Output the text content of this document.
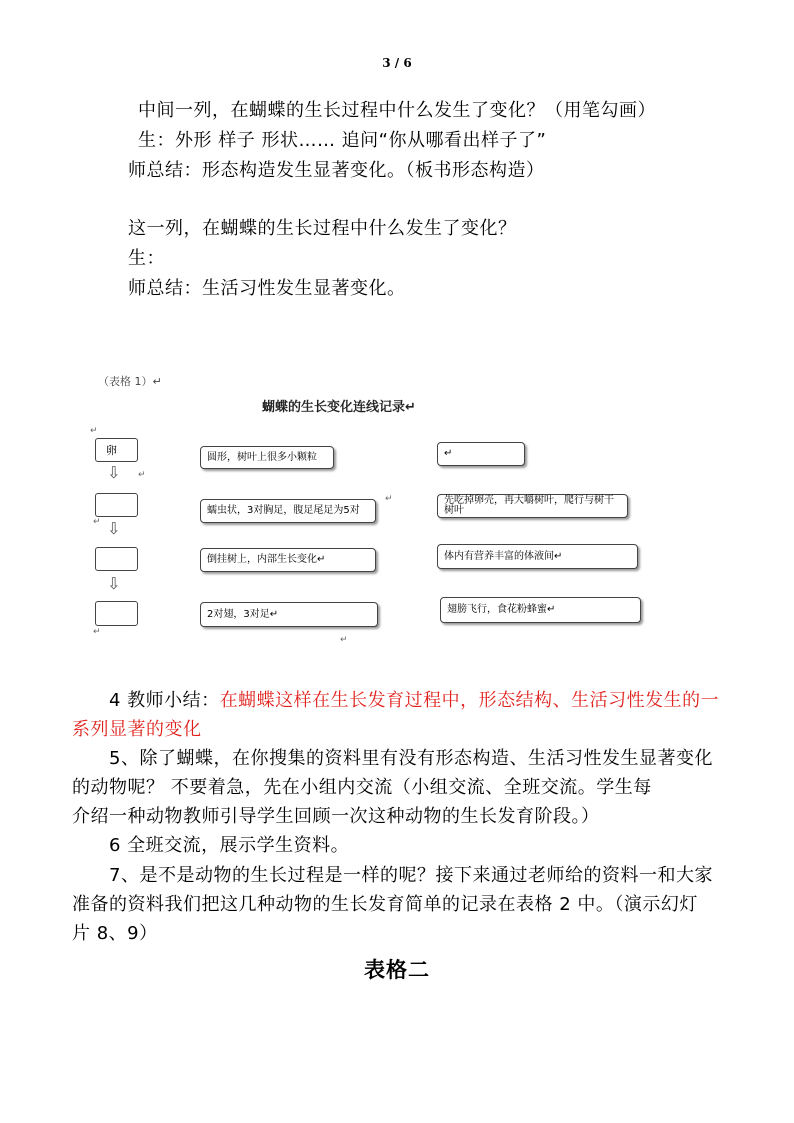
3 / 6
中间一列，在蝴蝶的生长过程中什么发生了变化？（用笔勾画）
生：外形 样子 形状…… 追问“你从哪看出样子了”
师总结：形态构造发生显著变化。（板书形态构造）
这一列，在蝴蝶的生长过程中什么发生了变化？
生：
师总结：生活习性发生显著变化。
（表格 1）↵
蝴蝶的生长变化连线记录↵
↵
卵
⇩
⇩
⇩
↵
↵
↵
圆形，树叶上很多小颗粒
蠕虫状，3对胸足，腹足尾足为5对
倒挂树上，内部生长变化↵
2对翅，3对足↵
↵
↵
↵
先吃掉卵壳，再大嚼树叶，爬行与树干树叶
体内有营养丰富的体液间↵
翅膀飞行，食花粉蜂蜜↵
4 教师小结：在蝴蝶这样在生长发育过程中，形态结构、生活习性发生的一
系列显著的变化
5、除了蝴蝶，在你搜集的资料里有没有形态构造、生活习性发生显著变化
的动物呢？ 不要着急，先在小组内交流（小组交流、全班交流。学生每
介绍一种动物教师引导学生回顾一次这种动物的生长发育阶段。）
6 全班交流，展示学生资料。
7、是不是动物的生长过程是一样的呢？接下来通过老师给的资料一和大家
准备的资料我们把这几种动物的生长发育简单的记录在表格 2 中。（演示幻灯
片 8、9）
表格二
